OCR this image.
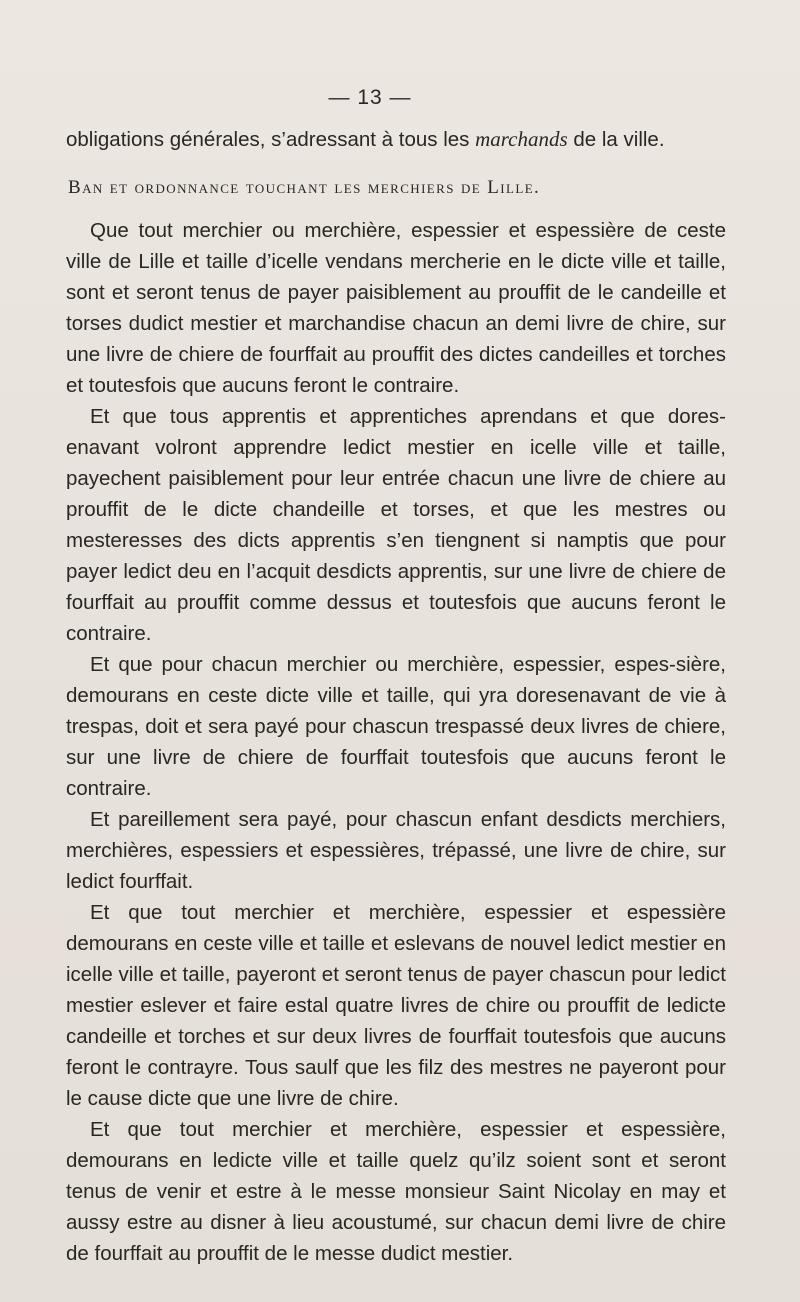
— 13 —

obligations générales, s’adressant à tous les marchands de la ville.

Ban et ordonnance touchant les merchiers de Lille.

Que tout merchier ou merchière, espessier et espessière de ceste ville de Lille et taille d’icelle vendans mercherie en le dicte ville et taille, sont et seront tenus de payer paisiblement au prouffit de le candeille et torses dudict mestier et marchandise chacun an demi livre de chire, sur une livre de chiere de fourffait au prouffit des dictes candeilles et torches et toutesfois que aucuns feront le contraire.

Et que tous apprentis et apprentiches aprendans et que dores-enavant volront apprendre ledict mestier en icelle ville et taille, payechent paisiblement pour leur entrée chacun une livre de chiere au prouffit de le dicte chandeille et torses, et que les mestres ou mesteresses des dicts apprentis s’en tiengnent si namptis que pour payer ledict deu en l’acquit desdicts apprentis, sur une livre de chiere de fourffait au prouffit comme dessus et toutesfois que aucuns feront le contraire.

Et que pour chacun merchier ou merchière, espessier, espes-sière, demourans en ceste dicte ville et taille, qui yra doresenavant de vie à trespas, doit et sera payé pour chascun trespassé deux livres de chiere, sur une livre de chiere de fourffait toutesfois que aucuns feront le contraire.

Et pareillement sera payé, pour chascun enfant desdicts merchiers, merchières, espessiers et espessières, trépassé, une livre de chire, sur ledict fourffait.

Et que tout merchier et merchière, espessier et espessière demourans en ceste ville et taille et eslevans de nouvel ledict mestier en icelle ville et taille, payeront et seront tenus de payer chascun pour ledict mestier eslever et faire estal quatre livres de chire ou prouffit de ledicte candeille et torches et sur deux livres de fourffait toutesfois que aucuns feront le contrayre. Tous saulf que les filz des mestres ne payeront pour le cause dicte que une livre de chire.

Et que tout merchier et merchière, espessier et espessière, demourans en ledicte ville et taille quelz qu’ilz soient sont et seront tenus de venir et estre à le messe monsieur Saint Nicolay en may et aussy estre au disner à lieu acoustumé, sur chacun demi livre de chire de fourffait au prouffit de le messe dudict mestier.
